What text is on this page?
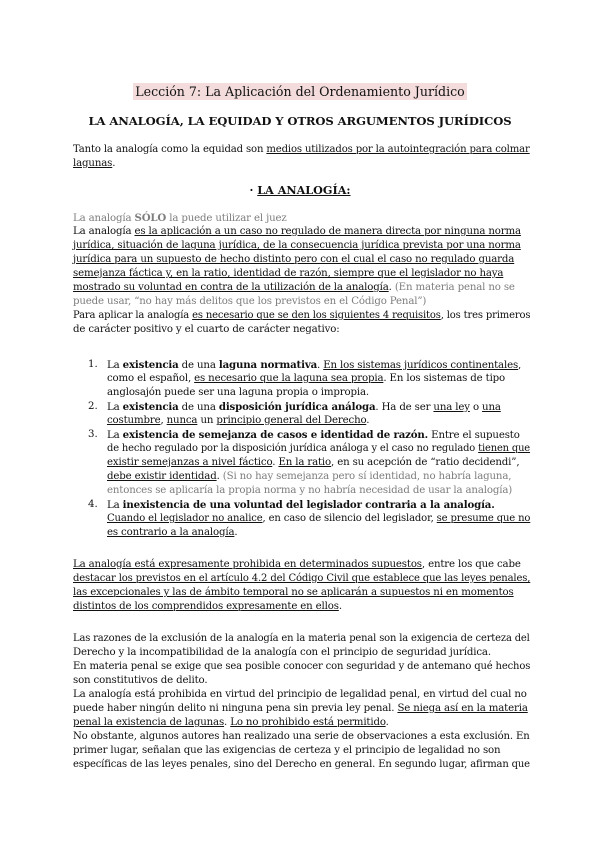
Lección 7: La Aplicación del Ordenamiento Jurídico
LA ANALOGÍA, LA EQUIDAD Y OTROS ARGUMENTOS JURÍDICOS
Tanto la analogía como la equidad son medios utilizados por la autointegración para colmar
lagunas.
· LA ANALOGÍA:
La analogía SÓLO la puede utilizar el juez
La analogía es la aplicación a un caso no regulado de manera directa por ninguna norma
jurídica, situación de laguna jurídica, de la consecuencia jurídica prevista por una norma
jurídica para un supuesto de hecho distinto pero con el cual el caso no regulado guarda
semejanza fáctica y, en la ratio, identidad de razón, siempre que el legislador no haya
mostrado su voluntad en contra de la utilización de la analogía. (En materia penal no se
puede usar, “no hay más delitos que los previstos en el Código Penal”)
Para aplicar la analogía es necesario que se den los siguientes 4 requisitos, los tres primeros
de carácter positivo y el cuarto de carácter negativo:
1. La existencia de una laguna normativa. En los sistemas jurídicos continentales,
como el español, es necesario que la laguna sea propia. En los sistemas de tipo
anglosajón puede ser una laguna propia o impropia.
2. La existencia de una disposición jurídica análoga. Ha de ser una ley o una
costumbre, nunca un principio general del Derecho.
3. La existencia de semejanza de casos e identidad de razón. Entre el supuesto
de hecho regulado por la disposición jurídica análoga y el caso no regulado tienen que
existir semejanzas a nivel fáctico. En la ratio, en su acepción de “ratio decidendi”,
debe existir identidad. (Si no hay semejanza pero sí identidad, no habría laguna,
entonces se aplicaría la propia norma y no habría necesidad de usar la analogía)
4. La inexistencia de una voluntad del legislador contraria a la analogía.
Cuando el legislador no analice, en caso de silencio del legislador, se presume que no
es contrario a la analogía.
La analogía está expresamente prohibida en determinados supuestos, entre los que cabe
destacar los previstos en el artículo 4.2 del Código Civil que establece que las leyes penales,
las excepcionales y las de ámbito temporal no se aplicarán a supuestos ni en momentos
distintos de los comprendidos expresamente en ellos.
Las razones de la exclusión de la analogía en la materia penal son la exigencia de certeza del
Derecho y la incompatibilidad de la analogía con el principio de seguridad jurídica.
En materia penal se exige que sea posible conocer con seguridad y de antemano qué hechos
son constitutivos de delito.
La analogía está prohibida en virtud del principio de legalidad penal, en virtud del cual no
puede haber ningún delito ni ninguna pena sin previa ley penal. Se niega así en la materia
penal la existencia de lagunas. Lo no prohibido está permitido.
No obstante, algunos autores han realizado una serie de observaciones a esta exclusión. En
primer lugar, señalan que las exigencias de certeza y el principio de legalidad no son
específicas de las leyes penales, sino del Derecho en general. En segundo lugar, afirman que
